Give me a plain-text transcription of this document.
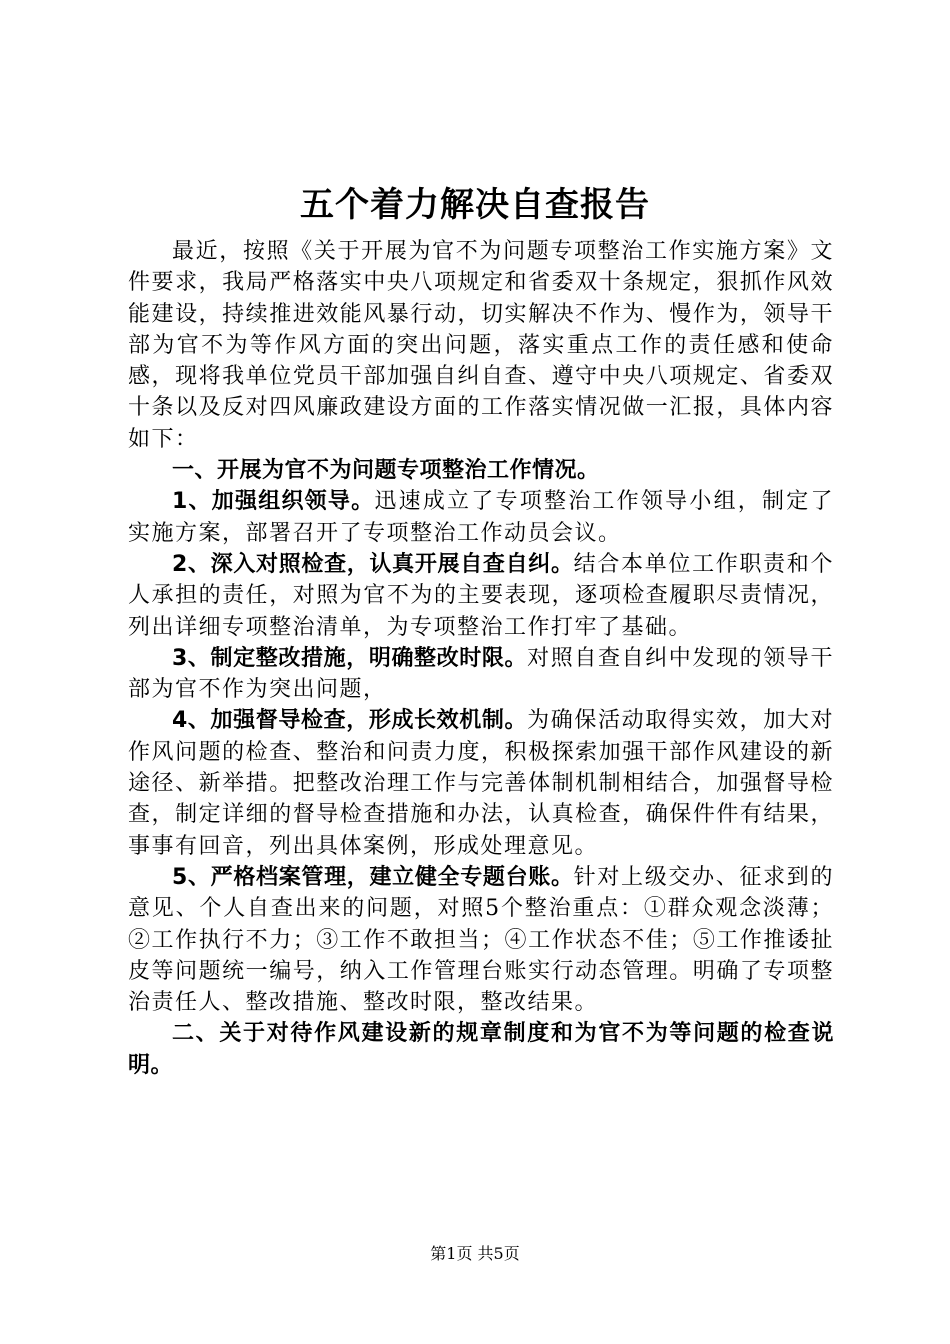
五个着力解决自查报告

最近，按照《关于开展为官不为问题专项整治工作实施方案》文件要求，我局严格落实中央八项规定和省委双十条规定，狠抓作风效能建设，持续推进效能风暴行动，切实解决不作为、慢作为，领导干部为官不为等作风方面的突出问题，落实重点工作的责任感和使命感，现将我单位党员干部加强自纠自查、遵守中央八项规定、省委双十条以及反对四风廉政建设方面的工作落实情况做一汇报，具体内容如下：

一、开展为官不为问题专项整治工作情况。

1、加强组织领导。迅速成立了专项整治工作领导小组，制定了实施方案，部署召开了专项整治工作动员会议。

2、深入对照检查，认真开展自查自纠。结合本单位工作职责和个人承担的责任，对照为官不为的主要表现，逐项检查履职尽责情况，列出详细专项整治清单，为专项整治工作打牢了基础。

3、制定整改措施，明确整改时限。对照自查自纠中发现的领导干部为官不作为突出问题，

4、加强督导检查，形成长效机制。为确保活动取得实效，加大对作风问题的检查、整治和问责力度，积极探索加强干部作风建设的新途径、新举措。把整改治理工作与完善体制机制相结合，加强督导检查，制定详细的督导检查措施和办法，认真检查，确保件件有结果，事事有回音，列出具体案例，形成处理意见。

5、严格档案管理，建立健全专题台账。针对上级交办、征求到的意见、个人自查出来的问题，对照5个整治重点：①群众观念淡薄；②工作执行不力；③工作不敢担当；④工作状态不佳；⑤工作推诿扯皮等问题统一编号，纳入工作管理台账实行动态管理。明确了专项整治责任人、整改措施、整改时限，整改结果。

二、关于对待作风建设新的规章制度和为官不为等问题的检查说明。

第1页 共5页
